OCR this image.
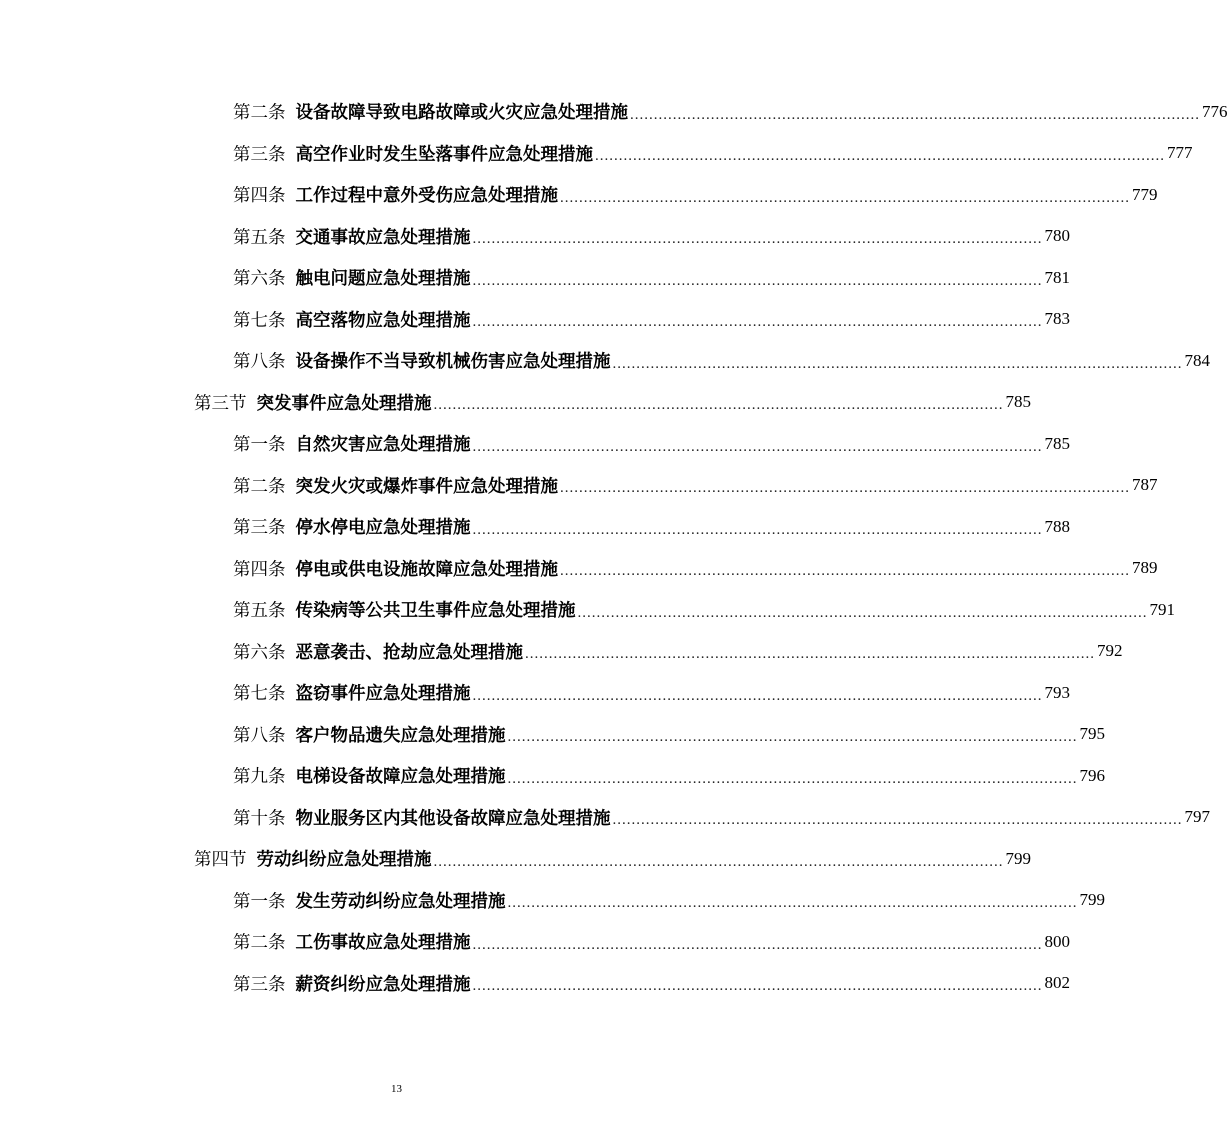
第二条 设备故障导致电路故障或火灾应急处理措施 ........................................................................................................................ 776
第三条 高空作业时发生坠落事件应急处理措施 ........................................................................................................................ 777
第四条 工作过程中意外受伤应急处理措施 ........................................................................................................................ 779
第五条 交通事故应急处理措施 ........................................................................................................................ 780
第六条 触电问题应急处理措施 ........................................................................................................................ 781
第七条 高空落物应急处理措施 ........................................................................................................................ 783
第八条 设备操作不当导致机械伤害应急处理措施 ........................................................................................................................ 784
第三节 突发事件应急处理措施 ........................................................................................................................ 785
第一条 自然灾害应急处理措施 ........................................................................................................................ 785
第二条 突发火灾或爆炸事件应急处理措施 ........................................................................................................................ 787
第三条 停水停电应急处理措施 ........................................................................................................................ 788
第四条 停电或供电设施故障应急处理措施 ........................................................................................................................ 789
第五条 传染病等公共卫生事件应急处理措施 ........................................................................................................................ 791
第六条 恶意袭击、抢劫应急处理措施 ........................................................................................................................ 792
第七条 盗窃事件应急处理措施 ........................................................................................................................ 793
第八条 客户物品遗失应急处理措施 ........................................................................................................................ 795
第九条 电梯设备故障应急处理措施 ........................................................................................................................ 796
第十条 物业服务区内其他设备故障应急处理措施 ........................................................................................................................ 797
第四节 劳动纠纷应急处理措施 ........................................................................................................................ 799
第一条 发生劳动纠纷应急处理措施 ........................................................................................................................ 799
第二条 工伤事故应急处理措施 ........................................................................................................................ 800
第三条 薪资纠纷应急处理措施 ........................................................................................................................ 802
13
